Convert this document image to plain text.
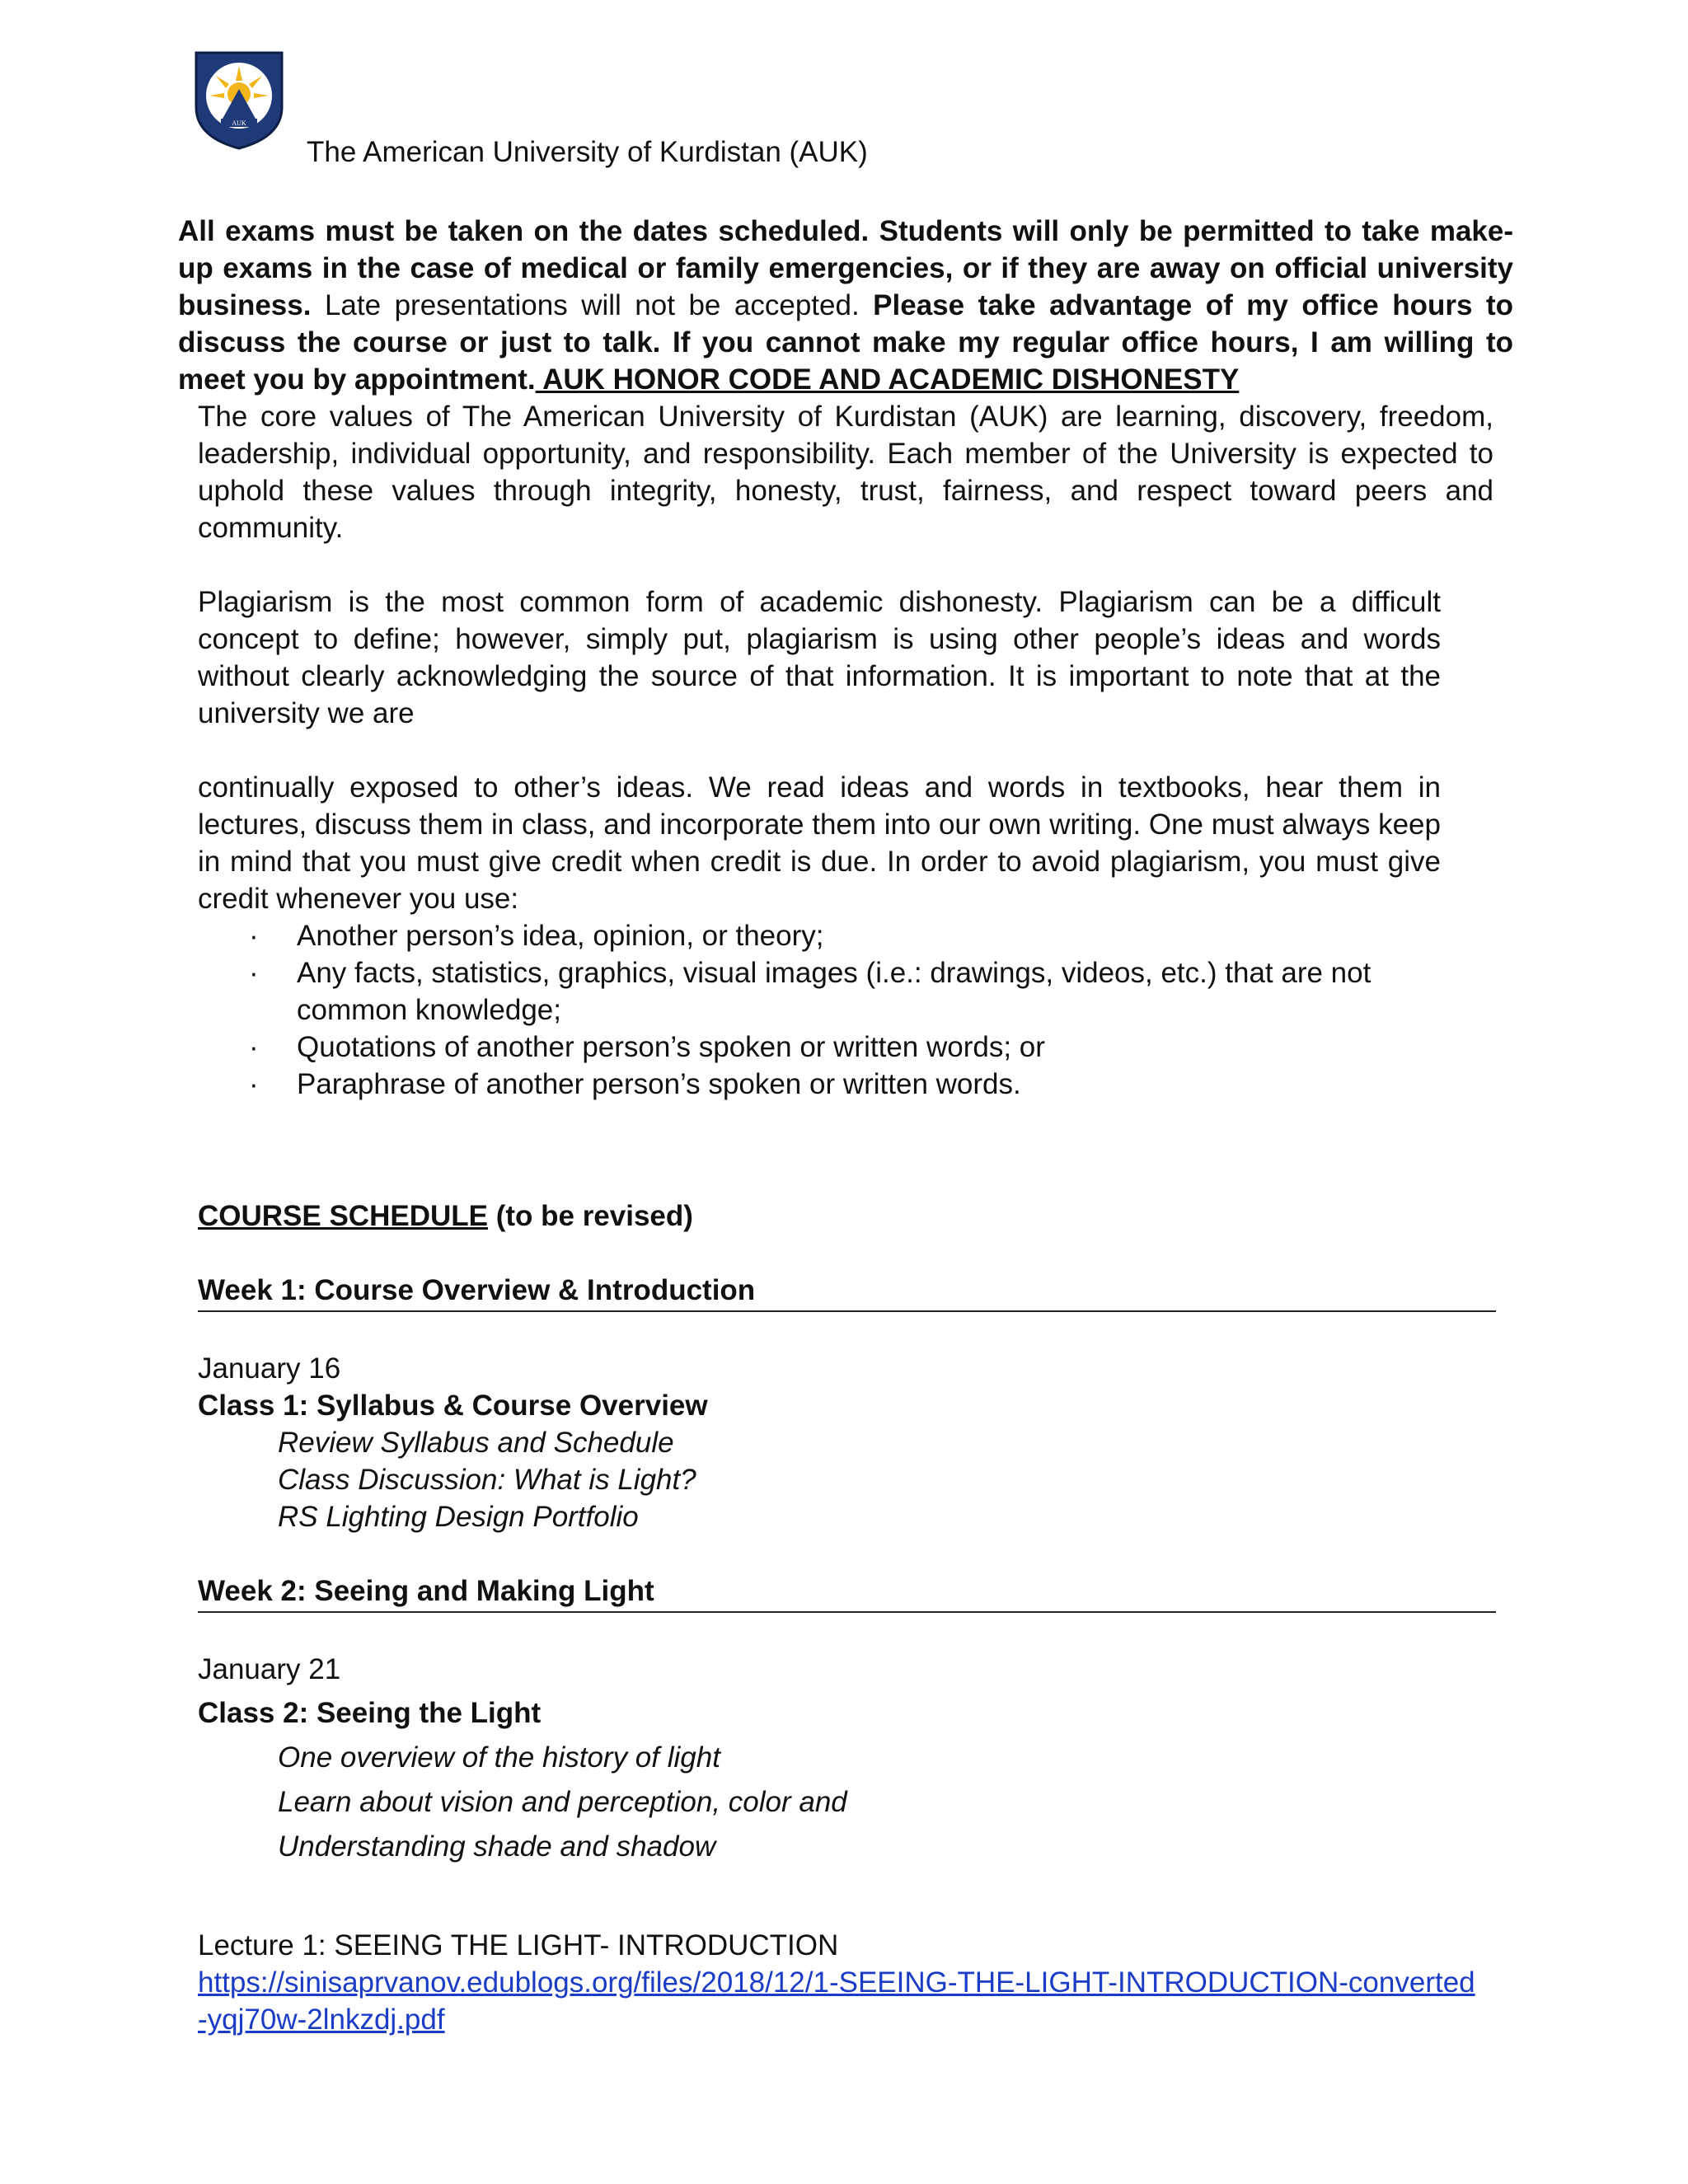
AUK
The American University of Kurdistan (AUK)
All exams must be taken on the dates scheduled. Students will only be permitted to take make-up exams in the case of medical or family emergencies, or if they are away on official university business. Late presentations will not be accepted. Please take advantage of my office hours to discuss the course or just to talk. If you cannot make my regular office hours, I am willing to meet you by appointment. AUK HONOR CODE AND ACADEMIC DISHONESTY
The core values of The American University of Kurdistan (AUK) are learning, discovery, freedom, leadership, individual opportunity, and responsibility. Each member of the University is expected to uphold these values through integrity, honesty, trust, fairness, and respect toward peers and community.
Plagiarism is the most common form of academic dishonesty. Plagiarism can be a difficult concept to define; however, simply put, plagiarism is using other people’s ideas and words without clearly acknowledging the source of that information. It is important to note that at the university we are
continually exposed to other’s ideas. We read ideas and words in textbooks, hear them in lectures, discuss them in class, and incorporate them into our own writing. One must always keep in mind that you must give credit when credit is due. In order to avoid plagiarism, you must give credit whenever you use:
· Another person’s idea, opinion, or theory;
· Any facts, statistics, graphics, visual images (i.e.: drawings, videos, etc.) that are not common knowledge;
· Quotations of another person’s spoken or written words; or
· Paraphrase of another person’s spoken or written words.
COURSE SCHEDULE (to be revised)
Week 1: Course Overview & Introduction
January 16
Class 1: Syllabus & Course Overview
Review Syllabus and Schedule
Class Discussion: What is Light?
RS Lighting Design Portfolio
Week 2: Seeing and Making Light
January 21
Class 2: Seeing the Light
One overview of the history of light
Learn about vision and perception, color and
Understanding shade and shadow
Lecture 1: SEEING THE LIGHT- INTRODUCTION
https://sinisaprvanov.edublogs.org/files/2018/12/1-SEEING-THE-LIGHT-INTRODUCTION-converted-yqj70w-2lnkzdj.pdf
